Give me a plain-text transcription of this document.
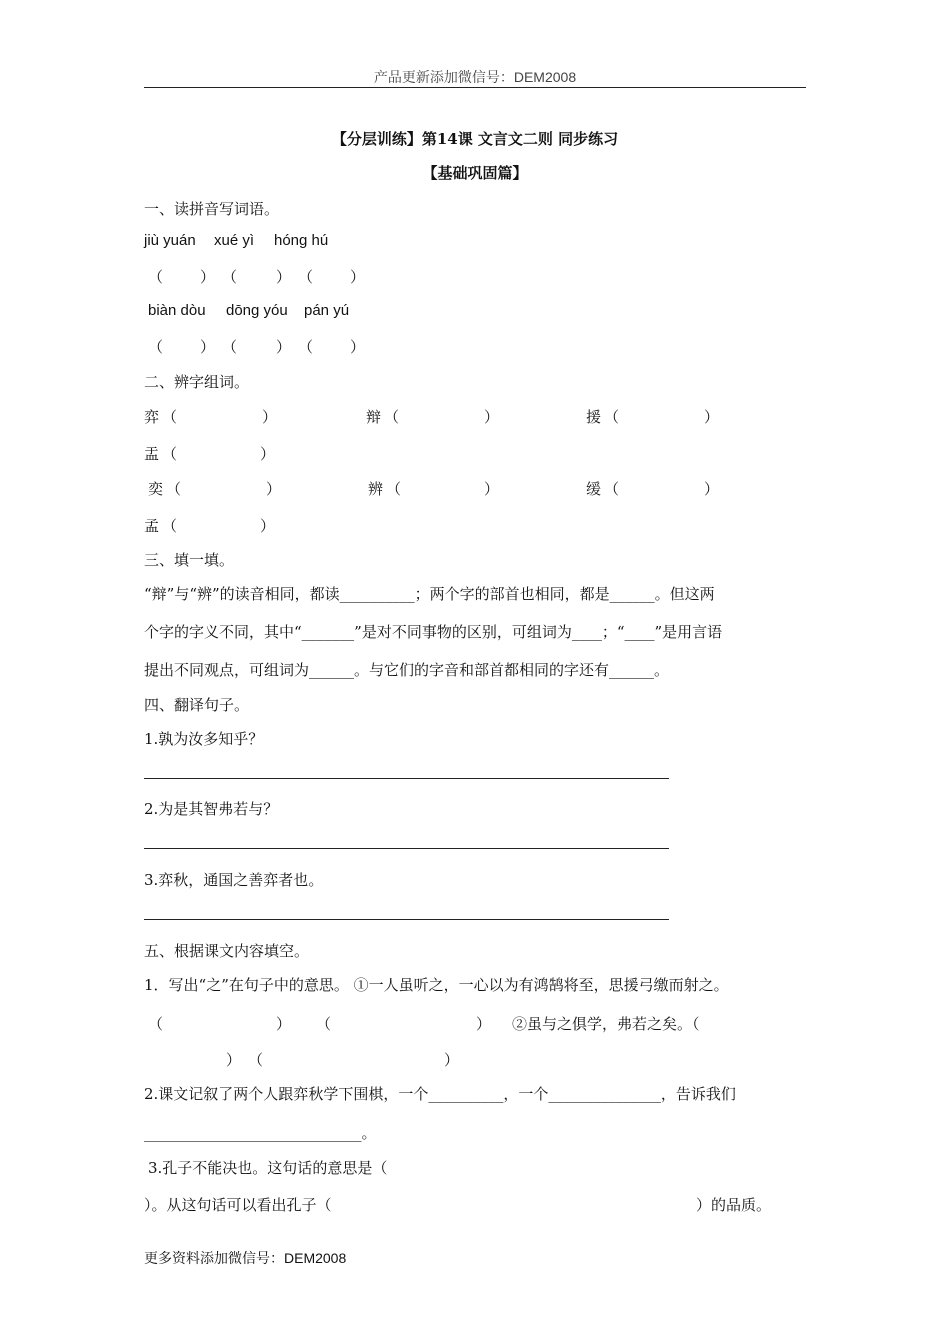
产品更新添加微信号：DEM2008
【分层训练】第14课 文言文二则 同步练习
【基础巩固篇】
一、读拼音写词语。
jiù yuán xué yì hóng hú
（ ） （	） （ ）
biàn dòu dōng yóu pán yú
（ ） （	） （ ）
二、辨字组词。
弈 （	）	辩 （	）	援 （	）
盂 （	）
奕 （	）	辨 （	）	缓 （	）
孟 （	）
三、填一填。
“辩”与“辨”的读音相同，都读__________；两个字的部首也相同，都是______。但这两
个字的字义不同，其中“_______”是对不同事物的区别，可组词为____；“____”是用言语
提出不同观点，可组词为______。与它们的字音和部首都相同的字还有______。
四、翻译句子。
1.孰为汝多知乎？
2.为是其智弗若与？
3.弈秋，通国之善弈者也。
五、根据课文内容填空。
1．写出“之”在句子中的意思。 ①一人虽听之，一心以为有鸿鹄将至，思援弓缴而射之。
（	） （	） ②虽与之俱学，弗若之矣。（
） （	）
2.课文记叙了两个人跟弈秋学下围棋，一个__________，一个_______________，告诉我们
_____________________________。
3.孔子不能决也。这句话的意思是（
）。从这句话可以看出孔子（	）的品质。
更多资料添加微信号：DEM2008
